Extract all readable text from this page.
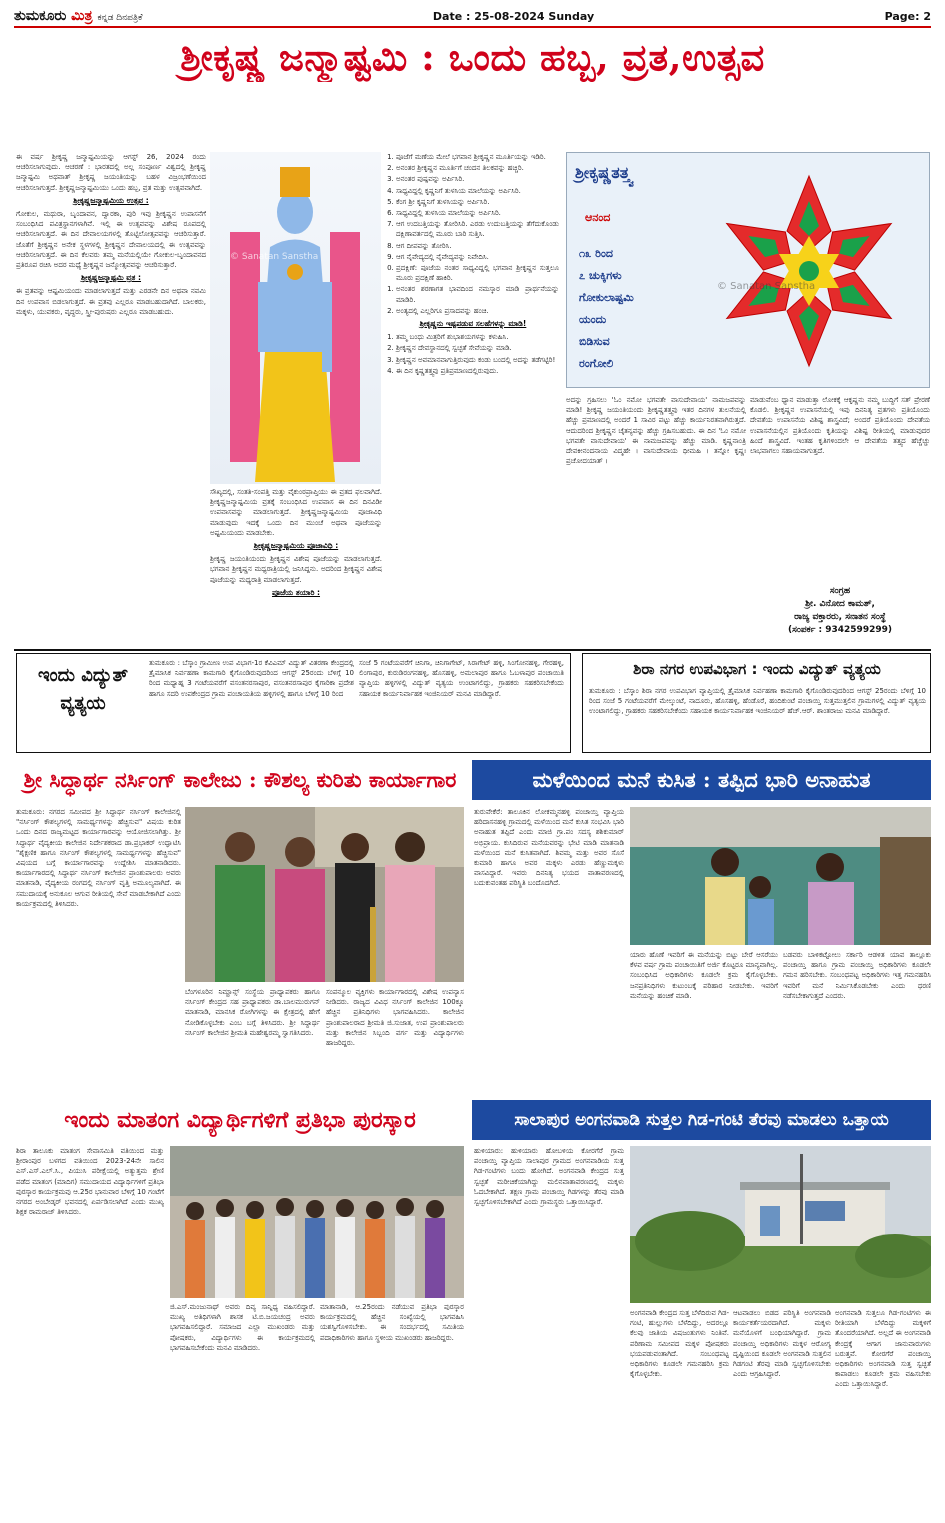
ತುಮಕೂರು ಮಿತ್ರ ಕನ್ನಡ ದಿನಪತ್ರಿಕೆ	Date : 25-08-2024 Sunday	Page: 2
ಶ್ರೀಕೃಷ್ಣ ಜನ್ಮಾಷ್ಟಮಿ : ಒಂದು ಹಬ್ಬ, ವ್ರತ,ಉತ್ಸವ

ಈ ವರ್ಷ ಶ್ರೀಕೃಷ್ಣ ಜನ್ಮಾಷ್ಟಮಿಯನ್ನು ಆಗಸ್ಟ್ 26, 2024 ರಂದು ಆಚರಿಸಲಾಗುವುದು. ಆಚರಣೆ : ಭಾರತದಲ್ಲಿ ಅಲ್ಲ ಸಂಪೂರ್ಣ ವಿಶ್ವದಲ್ಲಿ ಶ್ರೀಕೃಷ್ಣ ಜನ್ಮಾಷ್ಟಮಿ ಅಥವಾತ್ ಶ್ರೀಕೃಷ್ಣ ಜಯಂತಿಯನ್ನು ಬಹಳ ವಿಜ್ರಂಭಣೆಯಿಂದ ಆಚರಿಸಲಾಗುತ್ತದೆ. ಶ್ರೀಕೃಷ್ಣಜನ್ಮಾಷ್ಟಮಿಯು ಒಂದು ಹಬ್ಬ, ವ್ರತ ಮತ್ತು ಉತ್ಸವವಾಗಿದೆ.

ಶ್ರೀಕೃಷ್ಣಜನ್ಮಾಷ್ಟಮಿಯ ಉತ್ಸವ :

ಗೋಕುಲ, ಮಥುರಾ, ಬೃಂದಾವನ, ದ್ವಾರಕಾ, ಪುರಿ ಇವು ಶ್ರೀಕೃಷ್ಣನ ಉಪಾಸನೆಗೆ ಸಂಬಂಧಿಸಿದ ಪವಿತ್ರಸ್ಥಾನಗಳಾಗಿವೆ. ಇಲ್ಲಿ ಈ ಉತ್ಸವವನ್ನು ವಿಶೇಷ ರೂಪದಲ್ಲಿ ಆಚರಿಸಲಾಗುತ್ತದೆ. ಈ ದಿನ ದೇವಾಲಯಗಳಲ್ಲಿ ತೊಟ್ಟಿಲೋತ್ಸವವನ್ನು ಆಚರಿಸುತ್ತಾರೆ. ಜೊತೆಗೆ ಶ್ರೀಕೃಷ್ಣನ ಅನೇಕ ಸ್ಥಳಗಳಲ್ಲಿ ಶ್ರೀಕೃಷ್ಣನ ದೇವಾಲಯದಲ್ಲಿ ಈ ಉತ್ಸವವನ್ನು ಆಚರಿಸಲಾಗುತ್ತದೆ. ಈ ದಿನ ಕೆಲವರು ತಮ್ಮ ಮನೆಯಲ್ಲಿಯೇ ಗೋಕುಲ-ಬೃಂದಾವನದ ಪ್ರತಿರೂಪ ರಚಿಸಿ ಅದರ ಮಧ್ಯೆ ಶ್ರೀಕೃಷ್ಣನ ಜನ್ಮೋತ್ಸವವನ್ನು ಆಚರಿಸುತ್ತಾರೆ.

ಶ್ರೀಕೃಷ್ಣಜನ್ಮಾಷ್ಟಮಿ ವ್ರತ :

ಈ ವ್ರತವನ್ನು ಆಷ್ಟಮಿಯಂದು ಮಾಡಲಾಗುತ್ತದೆ ಮತ್ತು ಎರಡನೇ ದಿನ ಅಥವಾ ನವಮಿ ದಿನ ಉಪವಾಸ ಬಿಡಲಾಗುತ್ತದೆ. ಈ ವ್ರತವು ಎಲ್ಲರೂ ಮಾಡಬಹುದಾಗಿದೆ. ಬಾಲಕರು, ಮಕ್ಕಳು, ಯುವಕರು, ವೃದ್ಧರು, ಸ್ತ್ರೀ-ಪುರುಷರು ಎಲ್ಲರೂ ಮಾಡಬಹುದು.

© Sanatan Sanstha

ಸೌಖ್ಯದಲ್ಲಿ, ಸಂತತಿ-ಸಂಪತ್ತಿ ಮತ್ತು ವೈಕುಂಠಪ್ರಾಪ್ತಿಯು ಈ ವ್ರತದ ಫಲವಾಗಿದೆ. ಶ್ರೀಕೃಷ್ಣಜನ್ಮಾಷ್ಟಮಿಯ ವ್ರತಕ್ಕೆ ಸಂಬಂಧಿಸಿದ ಉಪವಾಸ ಈ ದಿನ ದಿನವಿಡೀ ಉಪವಾಸವನ್ನು ಮಾಡಲಾಗುತ್ತದೆ. ಶ್ರೀಕೃಷ್ಣಜನ್ಮಾಷ್ಟಮಿಯ ಪೂಜಾವಿಧಿ ಮಾಡುವುದು ಇದಕ್ಕೆ ಒಂದು ದಿನ ಮುಂಚೆ ಅಥವಾ ಪೂಜೆಯನ್ನು ಅಷ್ಟಮಿಯಂದು ಮಾಡಬೇಕು.

ಶ್ರೀಕೃಷ್ಣಜನ್ಮಾಷ್ಟಮಿಯ ಪೂಜಾವಿಧಿ :

ಶ್ರೀಕೃಷ್ಣ ಜಯಂತಿಯಂದು ಶ್ರೀಕೃಷ್ಣನ ವಿಶೇಷ ಪೂಜೆಯನ್ನು ಮಾಡಲಾಗುತ್ತದೆ. ಭಗವಾನ ಶ್ರೀಕೃಷ್ಣನ ಮಧ್ಯರಾತ್ರಿಯಲ್ಲಿ ಜನಿಸಿದ್ದನು. ಅದರಿಂದ ಶ್ರೀಕೃಷ್ಣನ ವಿಶೇಷ ಪೂಜೆಯನ್ನು ಮಧ್ಯರಾತ್ರಿ ಮಾಡಲಾಗುತ್ತದೆ.

ಪೂಜೆಯ ತಯಾರಿ :
1. ಪೂಜೆಗೆ ಮಣೆಯ ಮೇಲೆ ಭಗವಾನ ಶ್ರೀಕೃಷ್ಣನ ಮೂರ್ತಿಯನ್ನು ಇಡಿರಿ.
2. ಅನಂತರ ಶ್ರೀಕೃಷ್ಣನ ಮೂರ್ತಿಗೆ ಚಂದನ ತಿಲಕವನ್ನು ಹಚ್ಚಿರಿ.
3. ಅನಂತರ ಪುಷ್ಪವನ್ನು ಅರ್ಪಿಸಿರಿ.
4. ಸಾಧ್ಯವಿದ್ದಲ್ಲಿ ಕೃಷ್ಣನಿಗೆ ತುಳಸಿಯ ಮಾಲೆಯನ್ನು ಅರ್ಪಿಸಿರಿ.
5. ಕೆಂಗ ಶ್ರೀ ಕೃಷ್ಣನಿಗೆ ತುಳಸಿಯನ್ನು ಅರ್ಪಿಸಿರಿ.
6. ಸಾಧ್ಯವಿದ್ದಲ್ಲಿ ತುಳಸಿಯ ಮಾಲೆಯನ್ನು ಅರ್ಪಿಸಿರಿ.
7. ಆಗ ಉದಬತ್ತಿಯನ್ನು ತೋರಿಸಿರಿ. ಎರಡು ಉದುಬತ್ತಿಯನ್ನು ತೆಗೆದುಕೊಂಡು ದಕ್ಷಿಣಾವರ್ತದಲ್ಲಿ ಮೂರು ಬಾರಿ ಸುತ್ತಿಸಿ.
8. ಆಗ ದೀಪವನ್ನು ತೋರಿಸಿ.
9. ಆಗ ನೈವೇದ್ಯದಲ್ಲಿ ನೈವೇದ್ಯವನ್ನು ನಿವೇದಿಸಿ.
10. ಪ್ರದಕ್ಷಿಣೆ: ಪೂಜೆಯ ನಂತರ ಸಾಧ್ಯವಿದ್ದಲ್ಲಿ ಭಗವಾನ ಶ್ರೀಕೃಷ್ಣನ ಸುತ್ತಲೂ ಮೂರು ಪ್ರದಕ್ಷಿಣೆ ಹಾಕಿರಿ.
11. ಅನಂತರ ಶರಣಾಗತ ಭಾವದಿಂದ ನಮಸ್ಕಾರ ಮಾಡಿ ಪ್ರಾರ್ಥನೆಯನ್ನು ಮಾಡಿರಿ.
12. ಅಂತ್ಯದಲ್ಲಿ ಎಲ್ಲರಿಗೂ ಪ್ರಸಾದವನ್ನು ಹಂಚಿ.
ಶ್ರೀಕೃಷ್ಣನು ಇಷ್ಟಪಡುವ ಸಲಹೆಗಳನ್ನು ಮಾಡಿ!
1. ತಮ್ಮ ಬಂಧು ಮಿತ್ರರಿಗೆ ಶುಭಾಶಯಗಳನ್ನು ಕಳುಹಿಸಿ.
2. ಶ್ರೀಕೃಷ್ಣನ ದೇವಸ್ಥಾನದಲ್ಲಿ ಸ್ವಚ್ಛತೆ ಸೇವೆಯನ್ನು ಮಾಡಿ.
3. ಶ್ರೀಕೃಷ್ಣನ ಅವಮಾನವಾಗುತ್ತಿರುವುದು ಕಂಡು ಬಂದಲ್ಲಿ ಅದನ್ನು ತಡೆಗಟ್ಟಿರಿ!
4. ಈ ದಿನ ಕೃಷ್ಣತತ್ತ್ವವು ಪ್ರತಿಪ್ರಮಾಣದಲ್ಲಿರುವುದು.
ಶ್ರೀಕೃಷ್ಣತತ್ತ್ವ
ಆನಂದ
೧೩ ರಿಂದ
೭ ಚುಕ್ಕಿಗಳು
ಗೋಕುಲಾಷ್ಟಮಿ
ಯಂದು
ಬಿಡಿಸುವ
ರಂಗೋಲಿ
© Sanatan Sanstha

ಅದನ್ನು ಗ್ರಹಿಸಲು 'ಓಂ ನಮೋ ಭಗವತೇ ವಾಸುದೇವಾಯ' ನಾಮಜಪವನ್ನು ಮಾಡಿ! ಶ್ರೀಕೃಷ್ಣ ಜಯಂತಿಯಂದು ಶ್ರೀಕೃಷ್ಣತತ್ತ್ವವು ಇತರ ದಿನಗಳ ತುಲನೆಯಲ್ಲಿ ಹೆಚ್ಚು ಪ್ರಮಾಣದಲ್ಲಿ ಅಂದರೆ 1 ಸಾವಿರ ಪಟ್ಟು ಹೆಚ್ಚು ಕಾರ್ಯನಿರತವಾಗಿರುತ್ತದೆ. ಆದುದರಿಂದ ಶ್ರೀಕೃಷ್ಣನ ಚೈತನ್ಯವನ್ನು ಹೆಚ್ಚು ಗ್ರಹಿಸಬಹುದು. ಈ ದಿನ 'ಓಂ ನಮೋ ಭಗವತೇ ವಾಸುದೇವಾಯ' ಈ ನಾಮಜಪವನ್ನು ಹೆಚ್ಚು ಮಾಡಿ. ಕೃಷ್ಣನಾಂತ್ರಿ ದೇವಕೀನಂದನಾಯ ವಿದ್ಮಹೇ । ವಾಸುದೇವಾಯ ಧೀಮಹಿ । ತನ್ನೋ ಕೃಷ್ಣಃ ಪ್ರಚೋದಯಾತ್ ।

ಮಾಡುವೆಂಬ ಧ್ಯಾನ ಮಾಡುತ್ತಾ ಲೋಕಕ್ಕೆ ಆಕೃಷ್ಣನು ನಮ್ಮ ಬುದ್ಧಿಗೆ ಸತ್ ಪ್ರೇರಣೆ ಕೊಡಲಿ. ಶ್ರೀಕೃಷ್ಣನ ಉಪಾಸನೆಯಲ್ಲಿ ಇವು ದಿನನಿತ್ಯ ವ್ರತಗಳು ಪ್ರತಿಯೊಂದು ದೇವತೆಯ ಉಪಾಸನೆಯ ವಿಶಿಷ್ಟ ಶಾಸ್ತ್ರವಿದೆ; ಅಂದರೆ ಪ್ರತಿಯೊಂದು ದೇವತೆಯ ಉಪಾಸನೆಯಲ್ಲಿನ ಪ್ರತಿಯೊಂದು ಕೃತಿಯನ್ನು ವಿಶಿಷ್ಟ ರೀತಿಯಲ್ಲಿ ಮಾಡುವುದರ ಹಿಂದೆ ಶಾಸ್ತ್ರವಿದೆ. ಇಂತಹ ಕೃತಿಗಳಿಂದಲೇ ಆ ದೇವತೆಯ ತತ್ತ್ವದ ಹೆಚ್ಚೆಚ್ಚು ಲಾಭವಾಗಲು ಸಹಾಯವಾಗುತ್ತದೆ.

ಸಂಗ್ರಹ
ಶ್ರೀ. ವಿನೋದ ಕಾಮತ್,
ರಾಜ್ಯ ವಕ್ತಾರರು, ಸನಾತನ ಸಂಸ್ಥೆ
(ಸಂಪರ್ಕ : 9342599299)
ಇಂದು ವಿದ್ಯುತ್
ವ್ಯತ್ಯಯ
ತುಮಕೂರು : ಬೆಸ್ಕಾಂ ಗ್ರಾಮೀಣ ಉಪ ವಿಭಾಗ-1ರ ಕೆವಿಎಮ್ ವಿದ್ಯುತ್ ವಿತರಣಾ ಕೇಂದ್ರದಲ್ಲಿ ತ್ರೈಮಾಸಿಕ ನಿರ್ವಹಣಾ ಕಾಮಗಾರಿ ಕೈಗೊಂಡಿರುವುದರಿಂದ ಆಗಸ್ಟ್ 25ರಂದು ಬೆಳಿಗ್ಗೆ 10 ರಿಂದ ಮಧ್ಯಾಹ್ನ 3 ಗಂಟೆಯವರೆಗೆ ವಸಂತನರಸಾಪುರ, ವಸಂತನರಸಾಪುರ ಕೈಗಾರಿಕಾ ಪ್ರದೇಶ ಹಾಗೂ ಸದರಿ ಉಪಕೇಂದ್ರದ ಗ್ರಾಮ ಪಂಚಾಯತಿಯ ಹಳ್ಳಿಗಳಲ್ಲಿ ಹಾಗೂ ಬೆಳಿಗ್ಗೆ 10 ರಿಂದ
ಸಂಜೆ 5 ಗಂಟೆಯವರೆಗೆ ಚಿನಿಗಾ, ಚಿನಿಗಾಗೇಟ್, ಸಿರಾಗೇಟ್ ಹಳ್ಳಿ, ಸಿಂಗೋನಹಳ್ಳಿ, ಗೇರಹಳ್ಳಿ, ಲಿಂಗಾಪುರ, ಕುರುಡಿರಂಗನಹಳ್ಳಿ, ಹೊಸಹಳ್ಳಿ, ಅಮಲಾಪುರ ಹಾಗೂ ಓಬಳಾಪುರ ಪಂಚಾಯಿತಿ ವ್ಯಾಪ್ತಿಯ ಹಳ್ಳಿಗಳಲ್ಲಿ ವಿದ್ಯುತ್ ವ್ಯತ್ಯಯ ಉಂಟಾಗಲಿದ್ದು, ಗ್ರಾಹಕರು ಸಹಕರಿಸಬೇಕೆಂದು ಸಹಾಯಕ ಕಾರ್ಯನಿರ್ವಾಹಕ ಇಂಜಿನಿಯರ್ ಮನವಿ ಮಾಡಿದ್ದಾರೆ.
ಶಿರಾ ನಗರ ಉಪವಿಭಾಗ : ಇಂದು ವಿದ್ಯುತ್ ವ್ಯತ್ಯಯ
ತುಮಕೂರು : ಬೆಸ್ಕಾಂ ಶಿರಾ ನಗರ ಉಪವಿಭಾಗ ವ್ಯಾಪ್ತಿಯಲ್ಲಿ ತ್ರೈಮಾಸಿಕ ನಿರ್ವಹಣಾ ಕಾಮಗಾರಿ ಕೈಗೊಂಡಿರುವುದರಿಂದ ಆಗಸ್ಟ್ 25ರಂದು ಬೆಳಿಗ್ಗೆ 10 ರಿಂದ ಸಂಜೆ 5 ಗಂಟೆಯವರೆಗೆ ಮೇಲ್ಕುಂಟೆ, ನಾದೂರು, ಹೊಸಹಳ್ಳಿ, ಹೆಂಡೊರೆ, ಹಂದಿಕುಂಟೆ ಪಂಚಾಯ್ತಿ ಸುತ್ತಮುತ್ತಲಿನ ಗ್ರಾಮಗಳಲ್ಲಿ ವಿದ್ಯುತ್ ವ್ಯತ್ಯಯ ಉಂಟಾಗಲಿದ್ದು, ಗ್ರಾಹಕರು ಸಹಕರಿಸಬೇಕೆಂದು ಸಹಾಯಕ ಕಾರ್ಯನಿರ್ವಾಹಕ ಇಂಜಿನಿಯರ್ ಹೆಚ್.ಆರ್. ಶಾಂತರಾಜು ಮನವಿ ಮಾಡಿದ್ದಾರೆ.
ಶ್ರೀ ಸಿದ್ಧಾರ್ಥ ನರ್ಸಿಂಗ್ ಕಾಲೇಜು : ಕೌಶಲ್ಯ ಕುರಿತು ಕಾರ್ಯಾಗಾರ	ಮಳೆಯಿಂದ ಮನೆ ಕುಸಿತ : ತಪ್ಪಿದ ಭಾರಿ ಅನಾಹುತ
ತುಮಕೂರು: ನಗರದ ಸಮೀಪದ ಶ್ರೀ ಸಿದ್ಧಾರ್ಥ ನರ್ಸಿಂಗ್ ಕಾಲೇಜಿನಲ್ಲಿ "ನರ್ಸಿಂಗ್ ಕೌಶಲ್ಯಗಳಲ್ಲಿ ಸಾಮರ್ಥ್ಯಗಳನ್ನು ಹೆಚ್ಚಿಸುವ" ವಿಷಯ ಕುರಿತ ಒಂದು ದಿನದ ರಾಜ್ಯಮಟ್ಟದ ಕಾರ್ಯಾಗಾರವನ್ನು ಆಯೋಜಿಸಲಾಗಿತ್ತು. ಶ್ರೀ ಸಿದ್ಧಾರ್ಥ ವೈದ್ಯಕೀಯ ಕಾಲೇಜಿನ ನಿರ್ದೇಶಕರಾದ ಡಾ.ಪ್ರಭಾಕರ್ ಉದ್ಘಾಟಿಸಿ "ಶೈಕ್ಷಣಿಕ ಹಾಗೂ ನರ್ಸಿಂಗ್ ಕೌಶಲ್ಯಗಳಲ್ಲಿ ಸಾಮರ್ಥ್ಯಗಳನ್ನು ಹೆಚ್ಚಿಸುವ" ವಿಷಯದ ಬಗ್ಗೆ ಕಾರ್ಯಾಗಾರವನ್ನು ಉದ್ದೇಶಿಸಿ ಮಾತನಾಡಿದರು. ಕಾರ್ಯಾಗಾರದಲ್ಲಿ ಸಿದ್ಧಾರ್ಥ ನರ್ಸಿಂಗ್ ಕಾಲೇಜಿನ ಪ್ರಾಂಶುಪಾಲರು ಅವರು ಮಾತನಾಡಿ, ವೈದ್ಯಕೀಯ ರಂಗದಲ್ಲಿ ನರ್ಸಿಂಗ್ ವೃತ್ತಿ ಅಮೂಲ್ಯವಾಗಿದೆ. ಈ ಸಮುದಾಯಕ್ಕೆ ಅನುಕೂಲ ಆಗುವ ರೀತಿಯಲ್ಲಿ ಸೇವೆ ಮಾಡಬೇಕಾಗಿದೆ ಎಂದು ಕಾರ್ಯಕ್ರಮದಲ್ಲಿ ತಿಳಿಸಿದರು.
ಬೆಂಗಳೂರಿನ ನಿಮ್ಹಾನ್ಸ್ ಸಂಸ್ಥೆಯ ಪ್ರಾಧ್ಯಾಪಕರು ಹಾಗೂ ನರ್ಸಿಂಗ್ ಕೇಂದ್ರದ ಸಹ ಪ್ರಾಧ್ಯಾಪಕರು ಡಾ.ಬಾಲಮುರುಗನ್ ಮಾತನಾಡಿ, ಮಾನಸಿಕ ರೋಗಿಗಳನ್ನು ಈ ಕ್ಷೇತ್ರದಲ್ಲಿ ಹೇಗೆ ನೋಡಿಕೊಳ್ಳಬೇಕು ಎಂಬ ಬಗ್ಗೆ ತಿಳಿಸಿದರು. ಶ್ರೀ ಸಿದ್ಧಾರ್ಥ ನರ್ಸಿಂಗ್ ಕಾಲೇಜಿನ ಶ್ರೀಮತಿ ಮಹೇಶ್ವರಮ್ಮ ಸ್ವಾಗತಿಸಿದರು.
ಸಂಪನ್ಮೂಲ ವ್ಯಕ್ತಿಗಳು ಕಾರ್ಯಾಗಾರದಲ್ಲಿ ವಿಶೇಷ ಉಪನ್ಯಾಸ ನೀಡಿದರು. ರಾಜ್ಯದ ವಿವಿಧ ನರ್ಸಿಂಗ್ ಕಾಲೇಜಿನ 100ಕ್ಕೂ ಹೆಚ್ಚಿನ ಪ್ರತಿನಿಧಿಗಳು ಭಾಗವಹಿಸಿದರು. ಕಾಲೇಜಿನ ಪ್ರಾಂಶುಪಾಲರಾದ ಶ್ರೀಮತಿ ಜಿ.ಸುಜಾತ, ಉಪ ಪ್ರಾಂಶುಪಾಲರು ಮತ್ತು ಕಾಲೇಜಿನ ಸಿಬ್ಬಂದಿ ವರ್ಗ ಮತ್ತು ವಿದ್ಯಾರ್ಥಿಗಳು ಹಾಜರಿದ್ದರು.
ತುರುವೇಕೆರೆ: ತಾಲೂಕಿನ ಲೋಕಮ್ಮನಹಳ್ಳಿ ಪಂಚಾಯ್ತಿ ವ್ಯಾಪ್ತಿಯ ಹರಿದಾಸನಹಳ್ಳಿ ಗ್ರಾಮದಲ್ಲಿ ಮಳೆಯಿಂದ ಮನೆ ಕುಸಿತ ಸಂಭವಿಸಿ ಭಾರಿ ಅನಾಹುತ ತಪ್ಪಿದೆ ಎಂದು ಮಾಜಿ ಗ್ರಾ.ಪಂ ಸದಸ್ಯ ಶಶಿಕುಮಾರ್ ಅಭಿಪ್ರಾಯ. ಕುಸಿದಿರುವ ಮನೆಯವರನ್ನು ಭೇಟಿ ಮಾಡಿ ಮಾತನಾಡಿ ಮಳೆಯಿಂದ ಮನೆ ಕುಸಿತವಾಗಿದೆ. ಶಿವಮ್ಮ ಮತ್ತು ಅವರ ಸೊಸೆ ಕುಮಾರಿ ಹಾಗೂ ಅವರ ಮಕ್ಕಳು ಎರಡು ಹೆಣ್ಣುಮಕ್ಕಳು ವಾಸವಿದ್ದಾರೆ. ಇವರು ದಿನನಿತ್ಯ ಭಯದ ವಾತಾವರಣದಲ್ಲಿ ಬದುಕುವಂತಹ ಪರಿಸ್ಥಿತಿ ಬಂದೊದಗಿದೆ.
ಯಾರು ಹೊಣೆ ಇವರಿಗೆ ಈ ಮನೆಯನ್ನು ಬಿಟ್ಟು ಬೇರೆ ಆಸರೆಯು ಕೆಳವ ವರ್ಷ ಗ್ರಾಮ ಪಂಚಾಯಿತಿಗೆ ಅರ್ಜಿ ಕೊಟ್ಟರೂ ಮಾನ್ಯವಾಗಿಲ್ಲ. ಸಂಬಂಧಿಸಿದ ಅಧಿಕಾರಿಗಳು ಕೂಡಲೇ ಕ್ರಮ ಕೈಗೊಳ್ಳಬೇಕು. ಜನಪ್ರತಿನಿಧಿಗಳು ಕುಟುಂಬಕ್ಕೆ ಪರಿಹಾರ ನೀಡಬೇಕು. ಇವರಿಗೆ ಮನೆಯನ್ನು ಹಂಚಿಕೆ ಮಾಡಿ.
ಬಡವರು ಬಾಳಿಕಟ್ಟೋಲು ಸರ್ಕಾರಿ ಆಡಳಿತ ಯಾವ ತಾಲ್ಲೂಕು ಪಂಚಾಯ್ತಿ ಹಾಗೂ ಗ್ರಾಮ ಪಂಚಾಯ್ತಿ ಅಧಿಕಾರಿಗಳು ಕೂಡಲೇ ಗಮನ ಹರಿಸಬೇಕು. ಸಂಬಂಧಪಟ್ಟ ಅಧಿಕಾರಿಗಳು ಇತ್ತ ಗಮನಹರಿಸಿ ಇವರಿಗೆ ಮನೆ ನಿರ್ಮಿಸಿಕೊಡಬೇಕು ಎಂದು ಧರಣಿ ನಡೆಸಬೇಕಾಗುತ್ತದೆ ಎಂದರು.
ಇಂದು ಮಾತಂಗ ವಿದ್ಯಾರ್ಥಿಗಳಿಗೆ ಪ್ರತಿಭಾ ಪುರಸ್ಕಾರ	ಸಾಲಾಪುರ ಅಂಗನವಾಡಿ ಸುತ್ತಲ ಗಿಡ-ಗಂಟಿ ತೆರವು ಮಾಡಲು ಒತ್ತಾಯ
ಶಿರಾ ತಾಲೂಕು ಮಾತಂಗ ಸೇವಾಸಮಿತಿ ವತಿಯಿಂದ ಮತ್ತು ಶ್ರೀರಾಂಪುರ ಬಳಗದ ವತಿಯಿಂದ 2023-24ನೇ ಸಾಲಿನ ಎಸ್.ಎಸ್.ಎಲ್.ಸಿ., ಪಿಯುಸಿ ಪರೀಕ್ಷೆಯಲ್ಲಿ ಅತ್ಯುತ್ತಮ ಶ್ರೇಣಿ ಪಡೆದ ಮಾತಂಗ (ಮಾದಿಗ) ಸಮುದಾಯದ ವಿದ್ಯಾರ್ಥಿಗಳಿಗೆ ಪ್ರತಿಭಾ ಪುರಸ್ಕಾರ ಕಾರ್ಯಕ್ರಮವು ಆ.25ರ ಭಾನುವಾರ ಬೆಳಿಗ್ಗೆ 10 ಗಂಟೆಗೆ ನಗರದ ಅಂಬೇಡ್ಕರ್ ಭವನದಲ್ಲಿ ಏರ್ಪಡಿಸಲಾಗಿದೆ ಎಂದು ಮುಖ್ಯ ಶಿಕ್ಷಕ ರಾಮರಾಜ್ ತಿಳಿಸಿದರು.
ಜಿ.ಎಸ್.ಮಂಜುನಾಥ್ ಅವರು ದಿವ್ಯ ಸಾನ್ನಿಧ್ಯ ವಹಿಸಲಿದ್ದಾರೆ. ಮುಖ್ಯ ಅತಿಥಿಗಳಾಗಿ ಶಾಸಕ ಟಿ.ಬಿ.ಜಯಚಂದ್ರ ಅವರು ಭಾಗವಹಿಸಲಿದ್ದಾರೆ. ಸಮಾಜದ ಎಲ್ಲಾ ಮುಖಂಡರು ಮತ್ತು ಪೋಷಕರು, ವಿದ್ಯಾರ್ಥಿಗಳು ಈ ಕಾರ್ಯಕ್ರಮದಲ್ಲಿ ಭಾಗವಹಿಸಬೇಕೆಂದು ಮನವಿ ಮಾಡಿದರು.
ಮಾತಾನಾಡಿ, ಆ.25ರಂದು ನಡೆಯುವ ಪ್ರತಿಭಾ ಪುರಸ್ಕಾರ ಕಾರ್ಯಕ್ರಮದಲ್ಲಿ ಹೆಚ್ಚಿನ ಸಂಖ್ಯೆಯಲ್ಲಿ ಭಾಗವಹಿಸಿ ಯಶಸ್ವಿಗೊಳಿಸಬೇಕು. ಈ ಸಂದರ್ಭದಲ್ಲಿ ಸಮಿತಿಯ ಪದಾಧಿಕಾರಿಗಳು ಹಾಗೂ ಸ್ಥಳೀಯ ಮುಖಂಡರು ಹಾಜರಿದ್ದರು.
ಹುಳಿಯಾರು: ಹುಳಿಯಾರು ಹೋಬಳಿಯ ಕೋರಗೆರೆ ಗ್ರಾಮ ಪಂಚಾಯ್ತಿ ವ್ಯಾಪ್ತಿಯ ಸಾಲಾಪುರ ಗ್ರಾಮದ ಅಂಗನವಾಡಿಯ ಸುತ್ತ ಗಿಡ-ಗಂಟಿಗಳು ಬಂದು ಹೋಗಿದೆ. ಅಂಗನವಾಡಿ ಕೇಂದ್ರದ ಸುತ್ತ ಸ್ವಚ್ಛತೆ ಮರೀಚಿಕೆಯಾಗಿದ್ದು ಮಲಿನವಾತಾವರಣದಲ್ಲಿ ಮಕ್ಕಳು ಓದಬೇಕಾಗಿದೆ. ತಕ್ಷಣ ಗ್ರಾಮ ಪಂಚಾಯ್ತಿ ಗಿಡಗಳನ್ನು ತೆರವು ಮಾಡಿ ಸ್ವಚ್ಛಗೊಳಿಸಬೇಕಾಗಿದೆ ಎಂದು ಗ್ರಾಮಸ್ಥರು ಒತ್ತಾಯಿಸಿದ್ದಾರೆ.
ಅಂಗನವಾಡಿ ಕೇಂದ್ರದ ಸುತ್ತ ಬೆಳೆದಿರುವ ಗಿಡ-ಗಂಟಿ, ಹುಲ್ಲುಗಳು ಬೆಳೆದಿದ್ದು, ಅದರಲ್ಲೂ ಕೆಲವು ಜಾತಿಯ ವಿಷಜಂತುಗಳು ನಿಂತಿವೆ. ಪರಿಣಾಮ ಸಮೀಪದ ಮಕ್ಕಳ ಪೋಷಕರು ಭಯಪಡುವಂತಾಗಿದೆ. ಸಂಬಂಧಪಟ್ಟ ಅಧಿಕಾರಿಗಳು ಕೂಡಲೇ ಗಮನಹರಿಸಿ ಕ್ರಮ ಕೈಗೊಳ್ಳಬೇಕು.
ಆಟವಾಡಲು ಬಿಡದ ಪರಿಸ್ಥಿತಿ ಅಂಗನವಾಡಿ ಕಾರ್ಯಕರ್ತೆಯರದಾಗಿದೆ. ಮಕ್ಕಳು ಮನೆಯೊಳಗೆ ಬಂಧಿಯಾಗಿದ್ದಾರೆ. ಗ್ರಾಮ ಪಂಚಾಯ್ತಿ ಅಧಿಕಾರಿಗಳು ಮಕ್ಕಳ ಆರೋಗ್ಯ ದೃಷ್ಟಿಯಿಂದ ಕೂಡಲೇ ಅಂಗನವಾಡಿ ಸುತ್ತಲಿನ ಗಿಡಗಂಟಿ ತೆರವು ಮಾಡಿ ಸ್ವಚ್ಛಗೊಳಿಸಬೇಕು ಎಂದು ಆಗ್ರಹಿಸಿದ್ದಾರೆ.
ಅಂಗನವಾಡಿ ಸುತ್ತಲೂ ಗಿಡ-ಗಂಟಿಗಳು ಈ ರೀತಿಯಾಗಿ ಬೆಳೆದಿದ್ದು ಮಕ್ಕಳಿಗೆ ತೊಂದರೆಯಾಗಿದೆ. ಅಲ್ಲದೆ ಈ ಅಂಗನವಾಡಿ ಕೇಂದ್ರಕ್ಕೆ ಆಗಾಗ ಜಾನುವಾರುಗಳು ಬರುತ್ತವೆ. ಕೋರಗೆರೆ ಪಂಚಾಯ್ತಿ ಅಧಿಕಾರಿಗಳು ಅಂಗನವಾಡಿ ಸುತ್ತ ಸ್ವಚ್ಛತೆ ಕಾಪಾಡಲು ಕೂಡಲೇ ಕ್ರಮ ವಹಿಸಬೇಕು ಎಂದು ಒತ್ತಾಯಿಸಿದ್ದಾರೆ.
